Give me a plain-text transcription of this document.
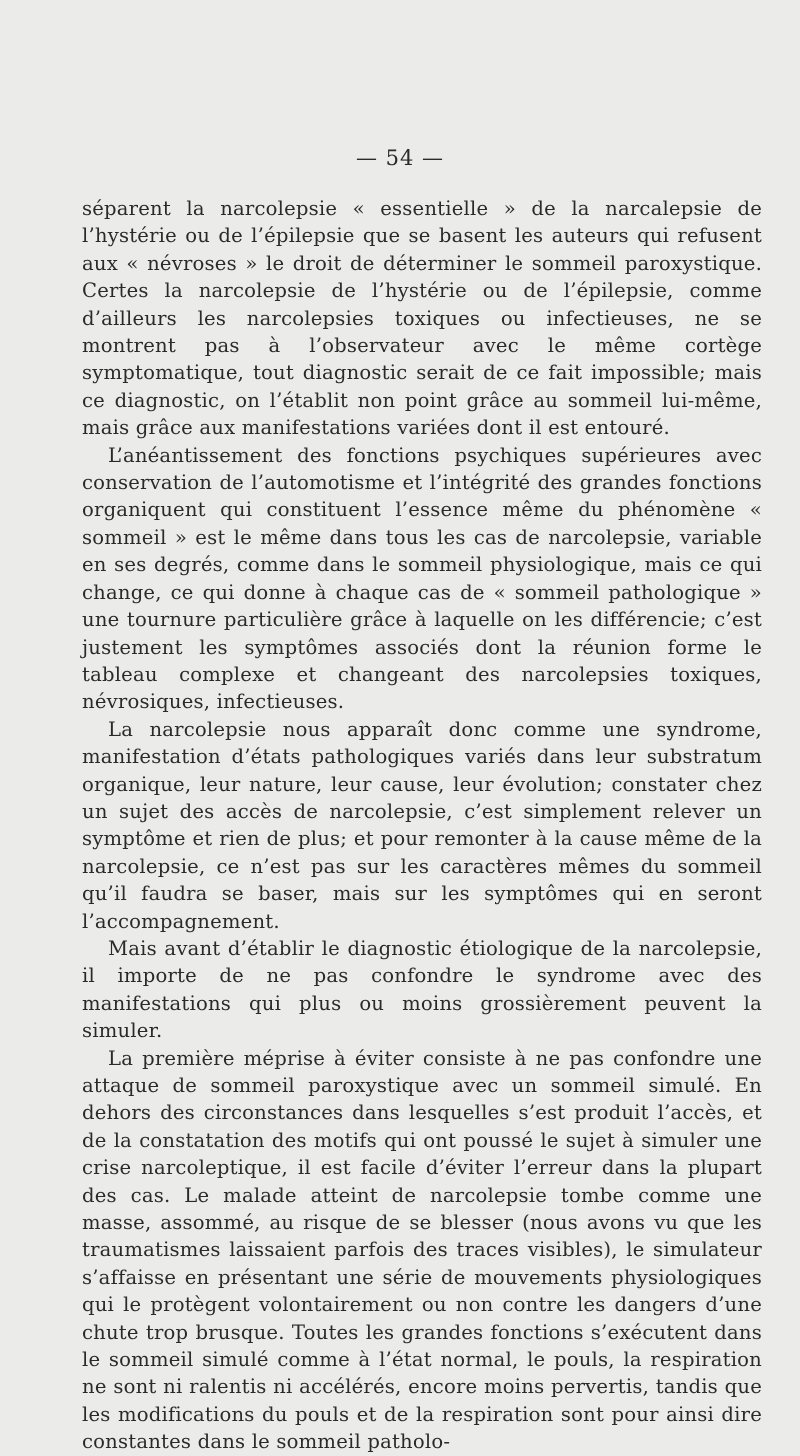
— 54 —

séparent la narcolepsie « essentielle » de la narcalepsie de l’hystérie ou de l’épilepsie que se basent les auteurs qui refusent aux « névroses » le droit de déterminer le sommeil paroxystique. Certes la narcolepsie de l’hystérie ou de l’épilepsie, comme d’ailleurs les narcolepsies toxiques ou infectieuses, ne se montrent pas à l’observateur avec le même cortège symptomatique, tout diagnostic serait de ce fait impossible; mais ce diagnostic, on l’établit non point grâce au sommeil lui-même, mais grâce aux manifestations variées dont il est entouré.

L’anéantissement des fonctions psychiques supérieures avec conservation de l’automotisme et l’intégrité des grandes fonctions organiquent qui constituent l’essence même du phénomène « sommeil » est le même dans tous les cas de narcolepsie, variable en ses degrés, comme dans le sommeil physiologique, mais ce qui change, ce qui donne à chaque cas de « sommeil pathologique » une tournure particulière grâce à laquelle on les différencie; c’est justement les symptômes associés dont la réunion forme le tableau complexe et changeant des narcolepsies toxiques, névrosiques, infectieuses.

La narcolepsie nous apparaît donc comme une syndrome, manifestation d’états pathologiques variés dans leur substratum organique, leur nature, leur cause, leur évolution; constater chez un sujet des accès de narcolepsie, c’est simplement relever un symptôme et rien de plus; et pour remonter à la cause même de la narcolepsie, ce n’est pas sur les caractères mêmes du sommeil qu’il faudra se baser, mais sur les symptômes qui en seront l’accompagnement.

Mais avant d’établir le diagnostic étiologique de la narcolepsie, il importe de ne pas confondre le syndrome avec des manifestations qui plus ou moins grossièrement peuvent la simuler.

La première méprise à éviter consiste à ne pas confondre une attaque de sommeil paroxystique avec un sommeil simulé. En dehors des circonstances dans lesquelles s’est produit l’accès, et de la constatation des motifs qui ont poussé le sujet à simuler une crise narcoleptique, il est facile d’éviter l’erreur dans la plupart des cas. Le malade atteint de narcolepsie tombe comme une masse, assommé, au risque de se blesser (nous avons vu que les traumatismes laissaient parfois des traces visibles), le simulateur s’affaisse en présentant une série de mouvements physiologiques qui le protègent volontairement ou non contre les dangers d’une chute trop brusque. Toutes les grandes fonctions s’exécutent dans le sommeil simulé comme à l’état normal, le pouls, la respiration ne sont ni ralentis ni accélérés, encore moins pervertis, tandis que les modifications du pouls et de la respiration sont pour ainsi dire constantes dans le sommeil patholo-
